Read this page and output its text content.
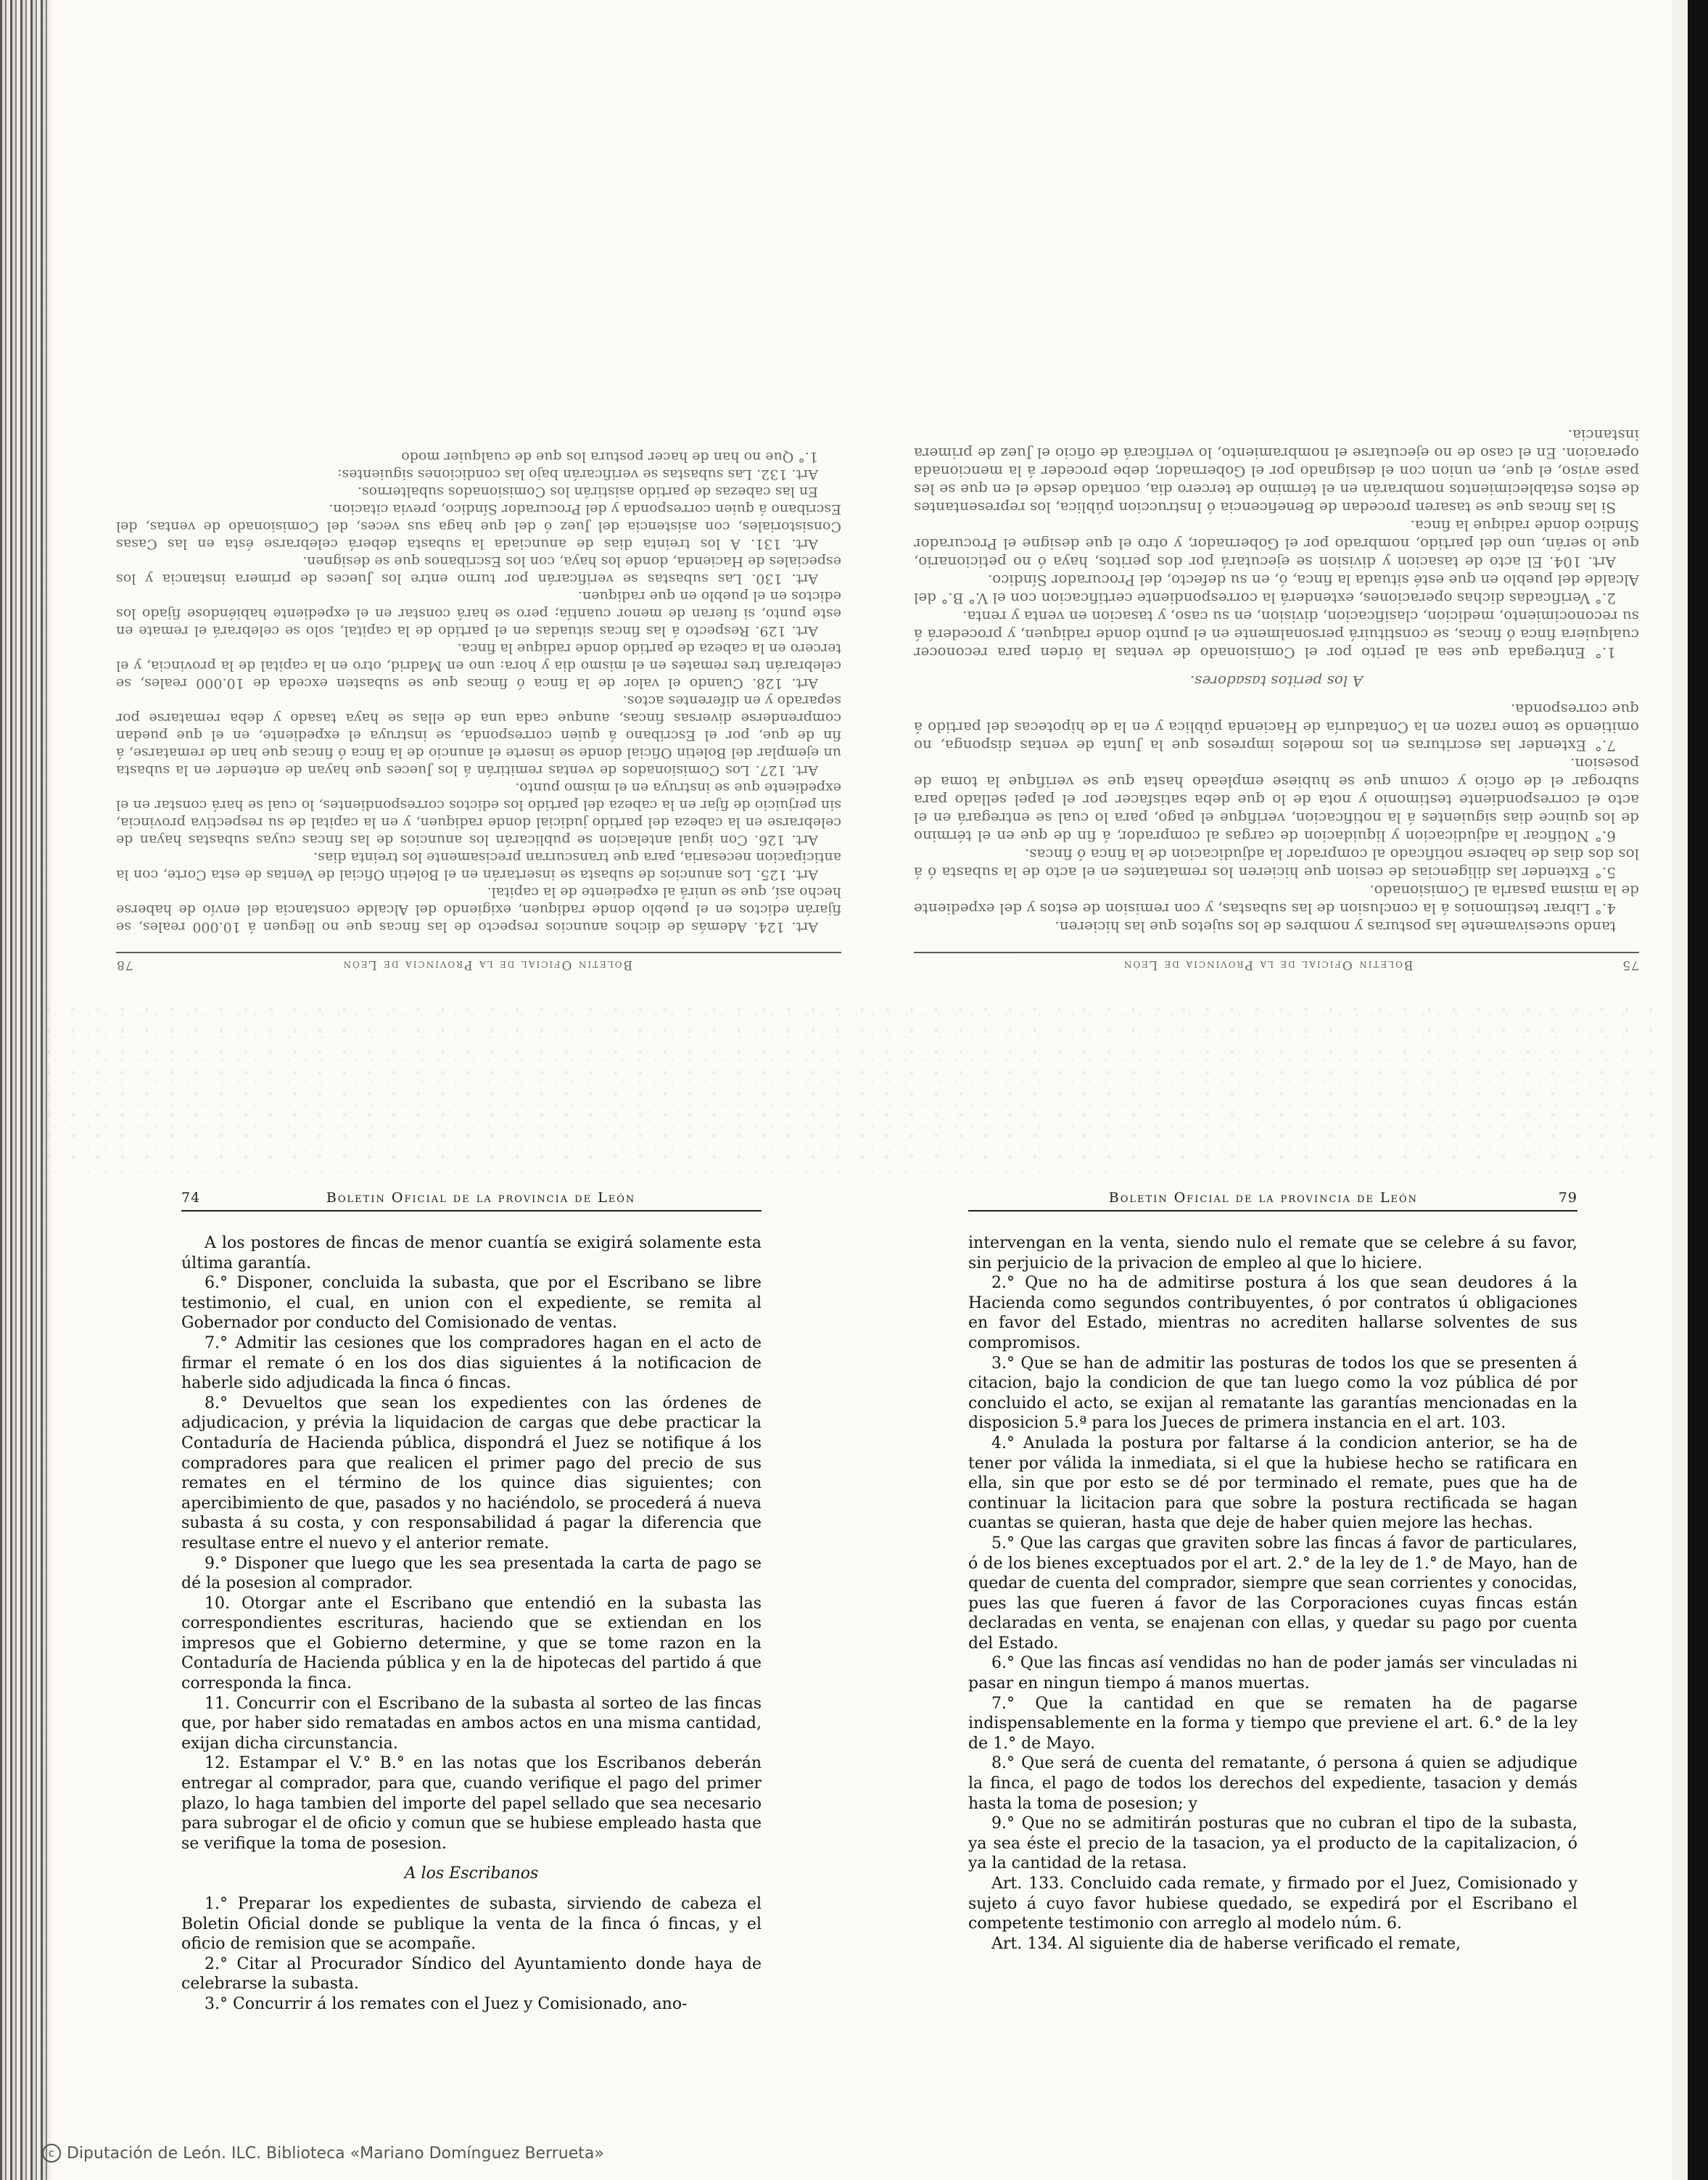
75
Boletin Oficial de la Provincia de León

tando sucesivamente las posturas y nombres de los sujetos que las hicieren.

4.° Librar testimonios á la conclusion de las subastas, y con remision de estos y del expediente de la misma pasarla al Comisionado.

5.° Extender las diligencias de cesion que hicieren los rematantes en el acto de la subasta ó á los dos dias de haberse notificado al comprador la adjudicacion de la finca ó fincas.

6.° Notificar la adjudicacion y liquidacion de cargas al comprador, á fin de que en el término de los quince dias siguientes á la notificacion, verifique el pago, para lo cual se entregará en el acto el correspondiente testimonio y nota de lo que deba satisfacer por el papel sellado para subrogar el de oficio y comun que se hubiese empleado hasta que se verifique la toma de posesion.

7.° Extender las escrituras en los modelos impresos que la Junta de ventas disponga, no omitiendo se tome razon en la Contaduría de Hacienda pública y en la de hipotecas del partido á que corresponda.

A los peritos tasadores.

1.° Entregada que sea al perito por el Comisionado de ventas la órden para reconocer cualquiera finca ó fincas, se constituirá personalmente en el punto donde radiquen, y procederá á su reconocimiento, medicion, clasificacion, division, en su caso, y tasacion en venta y renta.

2.° Verificadas dichas operaciones, extenderá la correspondiente certificacion con el V.° B.° del Alcalde del pueblo en que esté situada la finca, ó, en su defecto, del Procurador Síndico.

Art. 104. El acto de tasacion y division se ejecutará por dos peritos, haya ó no peticionario, que lo serán, uno del partido, nombrado por el Gobernador, y otro el que designe el Procurador Síndico donde radique la finca.

Si las fincas que se tasaren procedan de Beneficencia ó Instruccion pública, los representantes de estos establecimientos nombrarán en el término de tercero dia, contado desde el en que se les pase aviso, el que, en union con el designado por el Gobernador, debe proceder á la mencionada operacion. En el caso de no ejecutarse el nombramiento, lo verificará de oficio el Juez de primera instancia.

Boletin Oficial de la Provincia de León
78

Art. 124. Además de dichos anuncios respecto de las fincas que no lleguen á 10.000 reales, se fijarán edictos en el pueblo donde radiquen, exigiendo del Alcalde constancia del envío de haberse hecho así, que se unirá al expediente de la capital.

Art. 125. Los anuncios de subasta se insertarán en el Boletin Oficial de Ventas de esta Corte, con la anticipacion necesaria, para que transcurran precisamente los treinta dias.

Art. 126. Con igual antelacion se publicarán los anuncios de las fincas cuyas subastas hayan de celebrarse en la cabeza del partido judicial donde radiquen, y en la capital de su respectiva provincia, sin perjuicio de fijar en la cabeza del partido los edictos correspondientes, lo cual se hará constar en el expediente que se instruya en el mismo punto.

Art. 127. Los Comisionados de ventas remitirán á los Jueces que hayan de entender en la subasta un ejemplar del Boletin Oficial donde se inserte el anuncio de la finca ó fincas que han de rematarse, á fin de que, por el Escribano á quien corresponda, se instruya el expediente, en el que puedan comprenderse diversas fincas, aunque cada una de ellas se haya tasado y deba rematarse por separado y en diferentes actos.

Art. 128. Cuando el valor de la finca ó fincas que se subasten exceda de 10.000 reales, se celebrarán tres remates en el mismo dia y hora: uno en Madrid, otro en la capital de la provincia, y el tercero en la cabeza de partido donde radique la finca.

Art. 129. Respecto á las fincas situadas en el partido de la capital, solo se celebrará el remate en este punto, si fueran de menor cuantía; pero se hará constar en el expediente habiéndose fijado los edictos en el pueblo en que radiquen.

Art. 130. Las subastas se verificarán por turno entre los Jueces de primera instancia y los especiales de Hacienda, donde los haya, con los Escribanos que se designen.

Art. 131. A los treinta dias de anunciada la subasta deberá celebrarse ésta en las Casas Consistoriales, con asistencia del Juez ó del que haga sus veces, del Comisionado de ventas, del Escribano á quien corresponda y del Procurador Síndico, previa citacion.

En las cabezas de partido asistirán los Comisionados subalternos.

Art. 132. Las subastas se verificarán bajo las condiciones siguientes:

1.° Que no han de hacer postura los que de cualquier modo

74	Boletin Oficial de la provincia de León

A los postores de fincas de menor cuantía se exigirá solamente esta última garantía.

6.° Disponer, concluida la subasta, que por el Escribano se libre testimonio, el cual, en union con el expediente, se remita al Gobernador por conducto del Comisionado de ventas.

7.° Admitir las cesiones que los compradores hagan en el acto de firmar el remate ó en los dos dias siguientes á la notificacion de haberle sido adjudicada la finca ó fincas.

8.° Devueltos que sean los expedientes con las órdenes de adjudicacion, y prévia la liquidacion de cargas que debe practicar la Contaduría de Hacienda pública, dispondrá el Juez se notifique á los compradores para que realicen el primer pago del precio de sus remates en el término de los quince dias siguientes; con apercibimiento de que, pasados y no haciéndolo, se procederá á nueva subasta á su costa, y con responsabilidad á pagar la diferencia que resultase entre el nuevo y el anterior remate.

9.° Disponer que luego que les sea presentada la carta de pago se dé la posesion al comprador.

10. Otorgar ante el Escribano que entendió en la subasta las correspondientes escrituras, haciendo que se extiendan en los impresos que el Gobierno determine, y que se tome razon en la Contaduría de Hacienda pública y en la de hipotecas del partido á que corresponda la finca.

11. Concurrir con el Escribano de la subasta al sorteo de las fincas que, por haber sido rematadas en ambos actos en una misma cantidad, exijan dicha circunstancia.

12. Estampar el V.° B.° en las notas que los Escribanos deberán entregar al comprador, para que, cuando verifique el pago del primer plazo, lo haga tambien del importe del papel sellado que sea necesario para subrogar el de oficio y comun que se hubiese empleado hasta que se verifique la toma de posesion.

A los Escribanos

1.° Preparar los expedientes de subasta, sirviendo de cabeza el Boletin Oficial donde se publique la venta de la finca ó fincas, y el oficio de remision que se acompañe.

2.° Citar al Procurador Síndico del Ayuntamiento donde haya de celebrarse la subasta.

3.° Concurrir á los remates con el Juez y Comisionado, ano-

Boletin Oficial de la provincia de León	79

intervengan en la venta, siendo nulo el remate que se celebre á su favor, sin perjuicio de la privacion de empleo al que lo hiciere.

2.° Que no ha de admitirse postura á los que sean deudores á la Hacienda como segundos contribuyentes, ó por contratos ú obligaciones en favor del Estado, mientras no acrediten hallarse solventes de sus compromisos.

3.° Que se han de admitir las posturas de todos los que se presenten á citacion, bajo la condicion de que tan luego como la voz pública dé por concluido el acto, se exijan al rematante las garantías mencionadas en la disposicion 5.ª para los Jueces de primera instancia en el art. 103.

4.° Anulada la postura por faltarse á la condicion anterior, se ha de tener por válida la inmediata, si el que la hubiese hecho se ratificara en ella, sin que por esto se dé por terminado el remate, pues que ha de continuar la licitacion para que sobre la postura rectificada se hagan cuantas se quieran, hasta que deje de haber quien mejore las hechas.

5.° Que las cargas que graviten sobre las fincas á favor de particulares, ó de los bienes exceptuados por el art. 2.° de la ley de 1.° de Mayo, han de quedar de cuenta del comprador, siempre que sean corrientes y conocidas, pues las que fueren á favor de las Corporaciones cuyas fincas están declaradas en venta, se enajenan con ellas, y quedar su pago por cuenta del Estado.

6.° Que las fincas así vendidas no han de poder jamás ser vinculadas ni pasar en ningun tiempo á manos muertas.

7.° Que la cantidad en que se rematen ha de pagarse indispensablemente en la forma y tiempo que previene el art. 6.° de la ley de 1.° de Mayo.

8.° Que será de cuenta del rematante, ó persona á quien se adjudique la finca, el pago de todos los derechos del expediente, tasacion y demás hasta la toma de posesion; y

9.° Que no se admitirán posturas que no cubran el tipo de la subasta, ya sea éste el precio de la tasacion, ya el producto de la capitalizacion, ó ya la cantidad de la retasa.

Art. 133. Concluido cada remate, y firmado por el Juez, Comisionado y sujeto á cuyo favor hubiese quedado, se expedirá por el Escribano el competente testimonio con arreglo al modelo núm. 6.

Art. 134. Al siguiente dia de haberse verificado el remate,

c Diputación de León. ILC. Biblioteca «Mariano Domínguez Berrueta»
